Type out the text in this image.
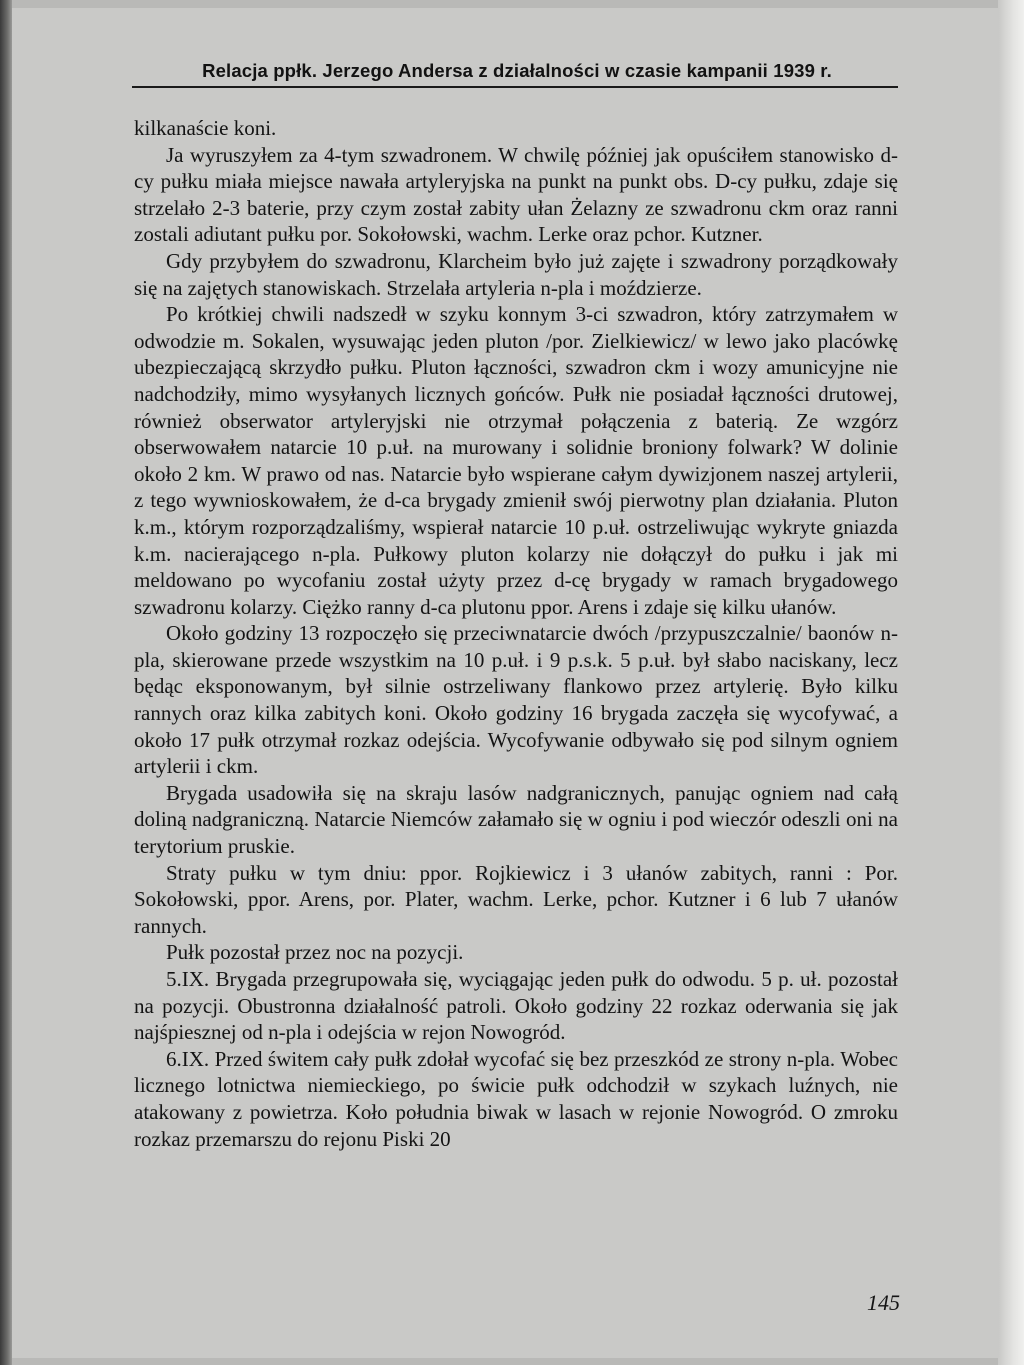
Relacja ppłk. Jerzego Andersa z działalności w czasie kampanii 1939 r.

kilkanaście koni.

Ja wyruszyłem za 4-tym szwadronem. W chwilę później jak opuściłem stanowisko d-cy pułku miała miejsce nawała artyleryjska na punkt na punkt obs. D-cy pułku, zdaje się strzelało 2-3 baterie, przy czym został zabity ułan Żelazny ze szwadronu ckm oraz ranni zostali adiutant pułku por. Sokołowski, wachm. Lerke oraz pchor. Kutzner.

Gdy przybyłem do szwadronu, Klarcheim było już zajęte i szwadrony porządkowały się na zajętych stanowiskach. Strzelała artyleria n-pla i moździerze.

Po krótkiej chwili nadszedł w szyku konnym 3-ci szwadron, który zatrzymałem w odwodzie m. Sokalen, wysuwając jeden pluton /por. Zielkiewicz/ w lewo jako placówkę ubezpieczającą skrzydło pułku. Pluton łączności, szwadron ckm i wozy amunicyjne nie nadchodziły, mimo wysyłanych licznych gońców. Pułk nie posiadał łączności drutowej, również obserwator artyleryjski nie otrzymał połączenia z baterią. Ze wzgórz obserwowałem natarcie 10 p.uł. na murowany i solidnie broniony folwark? W dolinie około 2 km. W prawo od nas. Natarcie było wspierane całym dywizjonem naszej artylerii, z tego wywnioskowałem, że d-ca brygady zmienił swój pierwotny plan działania. Pluton k.m., którym rozporządzaliśmy, wspierał natarcie 10 p.uł. ostrzeliwując wykryte gniazda k.m. nacierającego n-pla. Pułkowy pluton kolarzy nie dołączył do pułku i jak mi meldowano po wycofaniu został użyty przez d-cę brygady w ramach brygadowego szwadronu kolarzy. Ciężko ranny d-ca plutonu ppor. Arens i zdaje się kilku ułanów.

Około godziny 13 rozpoczęło się przeciwnatarcie dwóch /przypuszczalnie/ baonów n-pla, skierowane przede wszystkim na 10 p.uł. i 9 p.s.k. 5 p.uł. był słabo naciskany, lecz będąc eksponowanym, był silnie ostrzeliwany flankowo przez artylerię. Było kilku rannych oraz kilka zabitych koni. Około godziny 16 brygada zaczęła się wycofywać, a około 17 pułk otrzymał rozkaz odejścia. Wycofywanie odbywało się pod silnym ogniem artylerii i ckm.

Brygada usadowiła się na skraju lasów nadgranicznych, panując ogniem nad całą doliną nadgraniczną. Natarcie Niemców załamało się w ogniu i pod wieczór odeszli oni na terytorium pruskie.

Straty pułku w tym dniu: ppor. Rojkiewicz i 3 ułanów zabitych, ranni : Por. Sokołowski, ppor. Arens, por. Plater, wachm. Lerke, pchor. Kutzner i 6 lub 7 ułanów rannych.

Pułk pozostał przez noc na pozycji.

5.IX. Brygada przegrupowała się, wyciągając jeden pułk do odwodu. 5 p. uł. pozostał na pozycji. Obustronna działalność patroli. Około godziny 22 rozkaz oderwania się jak najśpiesznej od n-pla i odejścia w rejon Nowogród.

6.IX. Przed świtem cały pułk zdołał wycofać się bez przeszkód ze strony n-pla. Wobec licznego lotnictwa niemieckiego, po świcie pułk odchodził w szykach luźnych, nie atakowany z powietrza. Koło południa biwak w lasach w rejonie Nowogród. O zmroku rozkaz przemarszu do rejonu Piski 20

145
